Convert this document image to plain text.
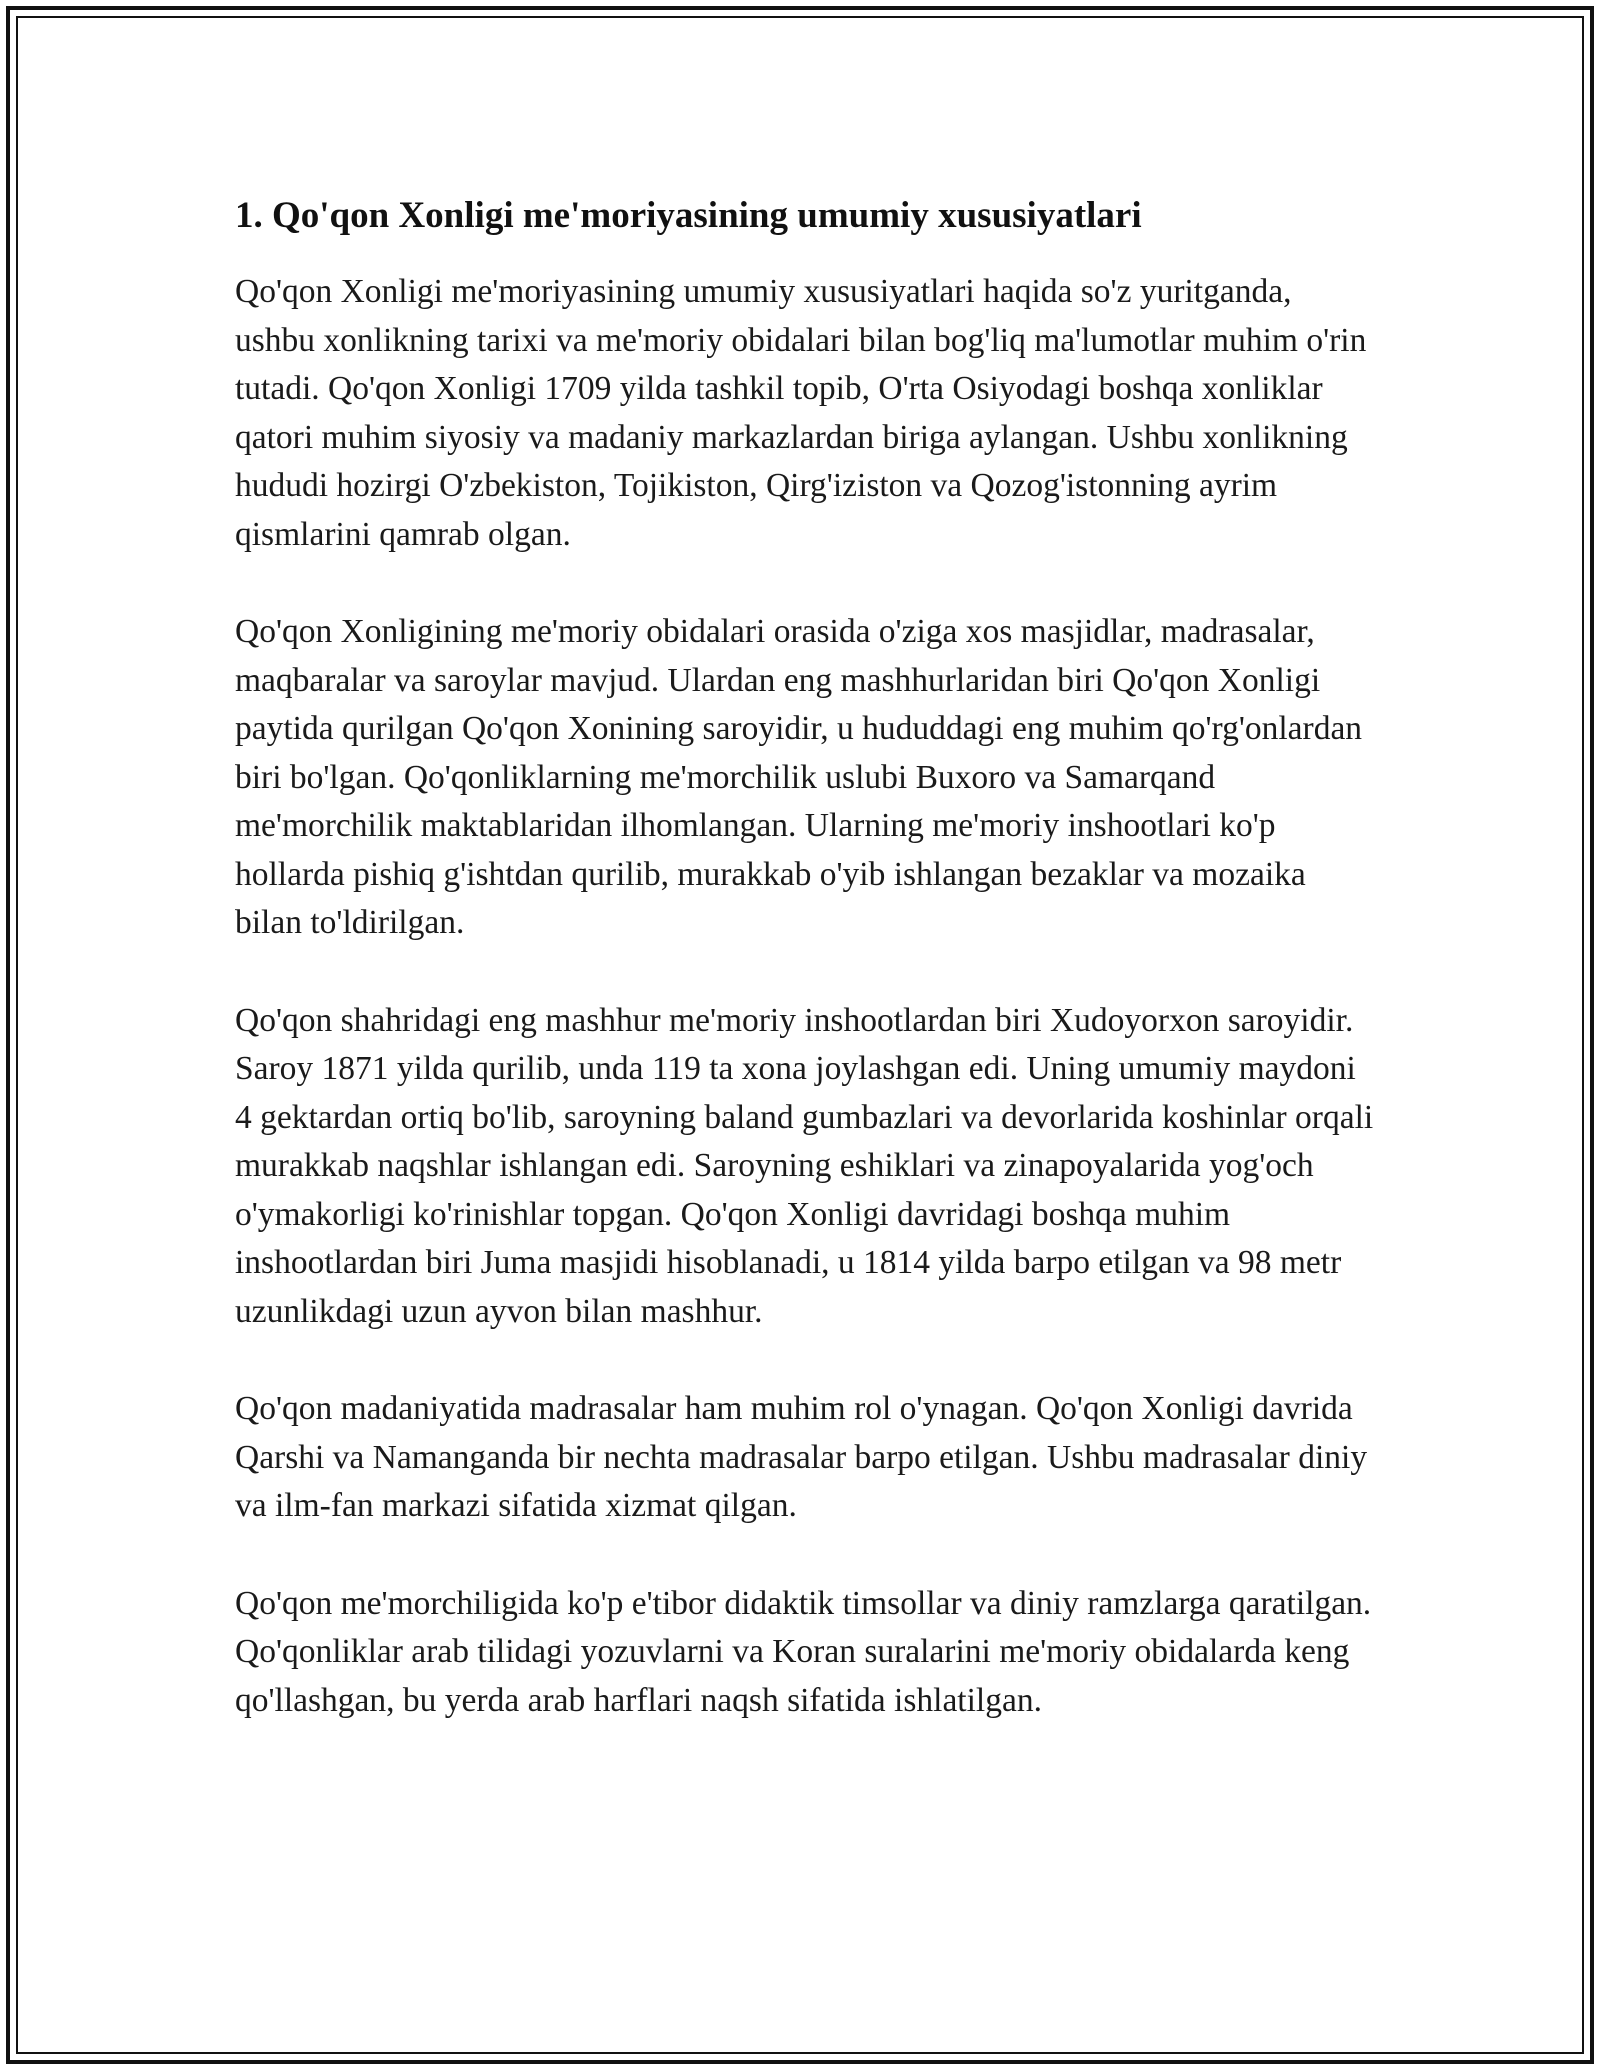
1. Qo'qon Xonligi me'moriyasining umumiy xususiyatlari

Qo'qon Xonligi me'moriyasining umumiy xususiyatlari haqida so'z yuritganda, ushbu xonlikning tarixi va me'moriy obidalari bilan bog'liq ma'lumotlar muhim o'rin tutadi. Qo'qon Xonligi 1709 yilda tashkil topib, O'rta Osiyodagi boshqa xonliklar qatori muhim siyosiy va madaniy markazlardan biriga aylangan. Ushbu xonlikning hududi hozirgi O'zbekiston, Tojikiston, Qirg'iziston va Qozog'istonning ayrim qismlarini qamrab olgan.

Qo'qon Xonligining me'moriy obidalari orasida o'ziga xos masjidlar, madrasalar, maqbaralar va saroylar mavjud. Ulardan eng mashhurlaridan biri Qo'qon Xonligi paytida qurilgan Qo'qon Xonining saroyidir, u hududdagi eng muhim qo'rg'onlardan biri bo'lgan. Qo'qonliklarning me'morchilik uslubi Buxoro va Samarqand me'morchilik maktablaridan ilhomlangan. Ularning me'moriy inshootlari ko'p hollarda pishiq g'ishtdan qurilib, murakkab o'yib ishlangan bezaklar va mozaika bilan to'ldirilgan.

Qo'qon shahridagi eng mashhur me'moriy inshootlardan biri Xudoyorxon saroyidir. Saroy 1871 yilda qurilib, unda 119 ta xona joylashgan edi. Uning umumiy maydoni 4 gektardan ortiq bo'lib, saroyning baland gumbazlari va devorlarida koshinlar orqali murakkab naqshlar ishlangan edi. Saroyning eshiklari va zinapoyalarida yog'och o'ymakorligi ko'rinishlar topgan. Qo'qon Xonligi davridagi boshqa muhim inshootlardan biri Juma masjidi hisoblanadi, u 1814 yilda barpo etilgan va 98 metr uzunlikdagi uzun ayvon bilan mashhur.

Qo'qon madaniyatida madrasalar ham muhim rol o'ynagan. Qo'qon Xonligi davrida Qarshi va Namanganda bir nechta madrasalar barpo etilgan. Ushbu madrasalar diniy va ilm-fan markazi sifatida xizmat qilgan.

Qo'qon me'morchiligida ko'p e'tibor didaktik timsollar va diniy ramzlarga qaratilgan. Qo'qonliklar arab tilidagi yozuvlarni va Koran suralarini me'moriy obidalarda keng qo'llashgan, bu yerda arab harflari naqsh sifatida ishlatilgan.
